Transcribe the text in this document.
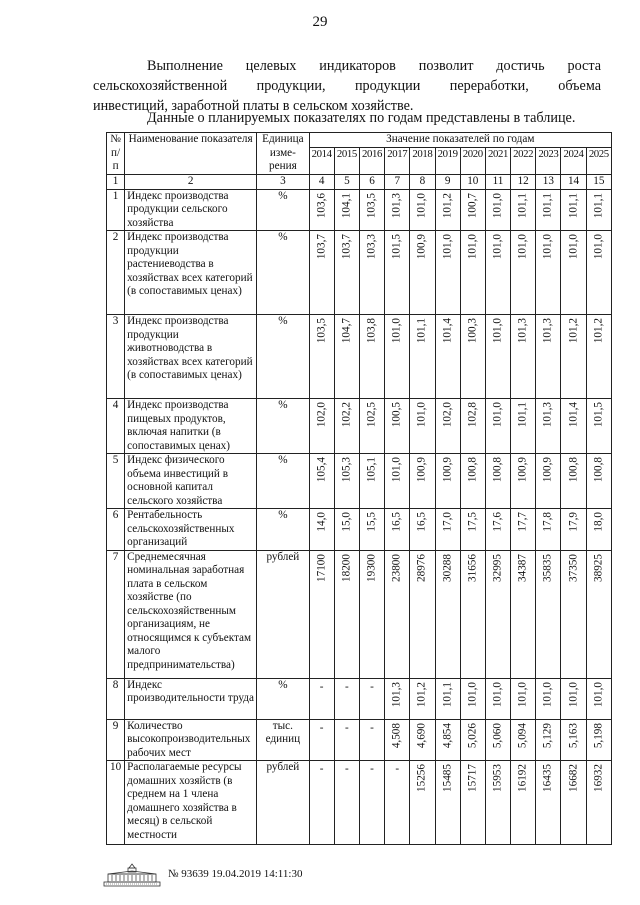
29

Выполнение целевых индикаторов позволит достичь роста

сельскохозяйственной продукции, продукции переработки, объема

инвестиций, заработной платы в сельском хозяйстве.

Данные о планируемых показателях по годам представлены в таблице.
№ п/п	Наименование показателя	Единица изме-рения	Значение показателей по годам											
			2014	2015	2016	2017	2018	2019	2020	2021	2022	2023	2024	2025
1	2	3	4	5	6	7	8	9	10	11	12	13	14	15
1	Индекс производства продукции сельского хозяйства	%	103,6	104,1	103,5	101,3	101,0	101,2	100,7	101,0	101,1	101,1	101,1	101,1

2	Индекс производства продукции растениеводства в хозяйствах всех категорий (в сопоставимых ценах)	%	103,7	103,7	103,3	101,5	100,9	101,0	101,0	101,0	101,0	101,0	101,0	101,0

3	Индекс производства продукции животноводства в хозяйствах всех категорий (в сопоставимых ценах)	%	103,5	104,7	103,8	101,0	101,1	101,4	100,3	101,0	101,3	101,3	101,2	101,2

4	Индекс производства пищевых продуктов, включая напитки (в сопоставимых ценах)	%	102,0	102,2	102,5	100,5	101,0	102,0	102,8	101,0	101,1	101,3	101,4	101,5

5	Индекс физического объема инвестиций в основной капитал сельского хозяйства	%	105,4	105,3	105,1	101,0	100,9	100,9	100,8	100,8	100,9	100,9	100,8	100,8

6	Рентабельность сельскохозяйственных организаций	%	14,0	15,0	15,5	16,5	16,5	17,0	17,5	17,6	17,7	17,8	17,9	18,0

7	Среднемесячная номинальная заработная плата в сельском хозяйстве (по сельскохозяйственным организациям, не относящимся к субъектам малого предпринимательства)	рублей	17100	18200	19300	23800	28976	30288	31656	32995	34387	35835	37350	38925

8	Индекс производительности труда	%	-	-	-	101,3	101,2	101,1	101,0	101,0	101,0	101,0	101,0	101,0

9	Количество высокопроизводительных рабочих мест	тыс. единиц	-	-	-	4,508	4,690	4,854	5,026	5,060	5,094	5,129	5,163	5,198

10	Располагаемые ресурсы домашних хозяйств (в среднем на 1 члена домашнего хозяйства в месяц) в сельской местности	рублей	-	-	-	-	15256	15485	15717	15953	16192	16435	16682	16932
№ 93639 19.04.2019 14:11:30
